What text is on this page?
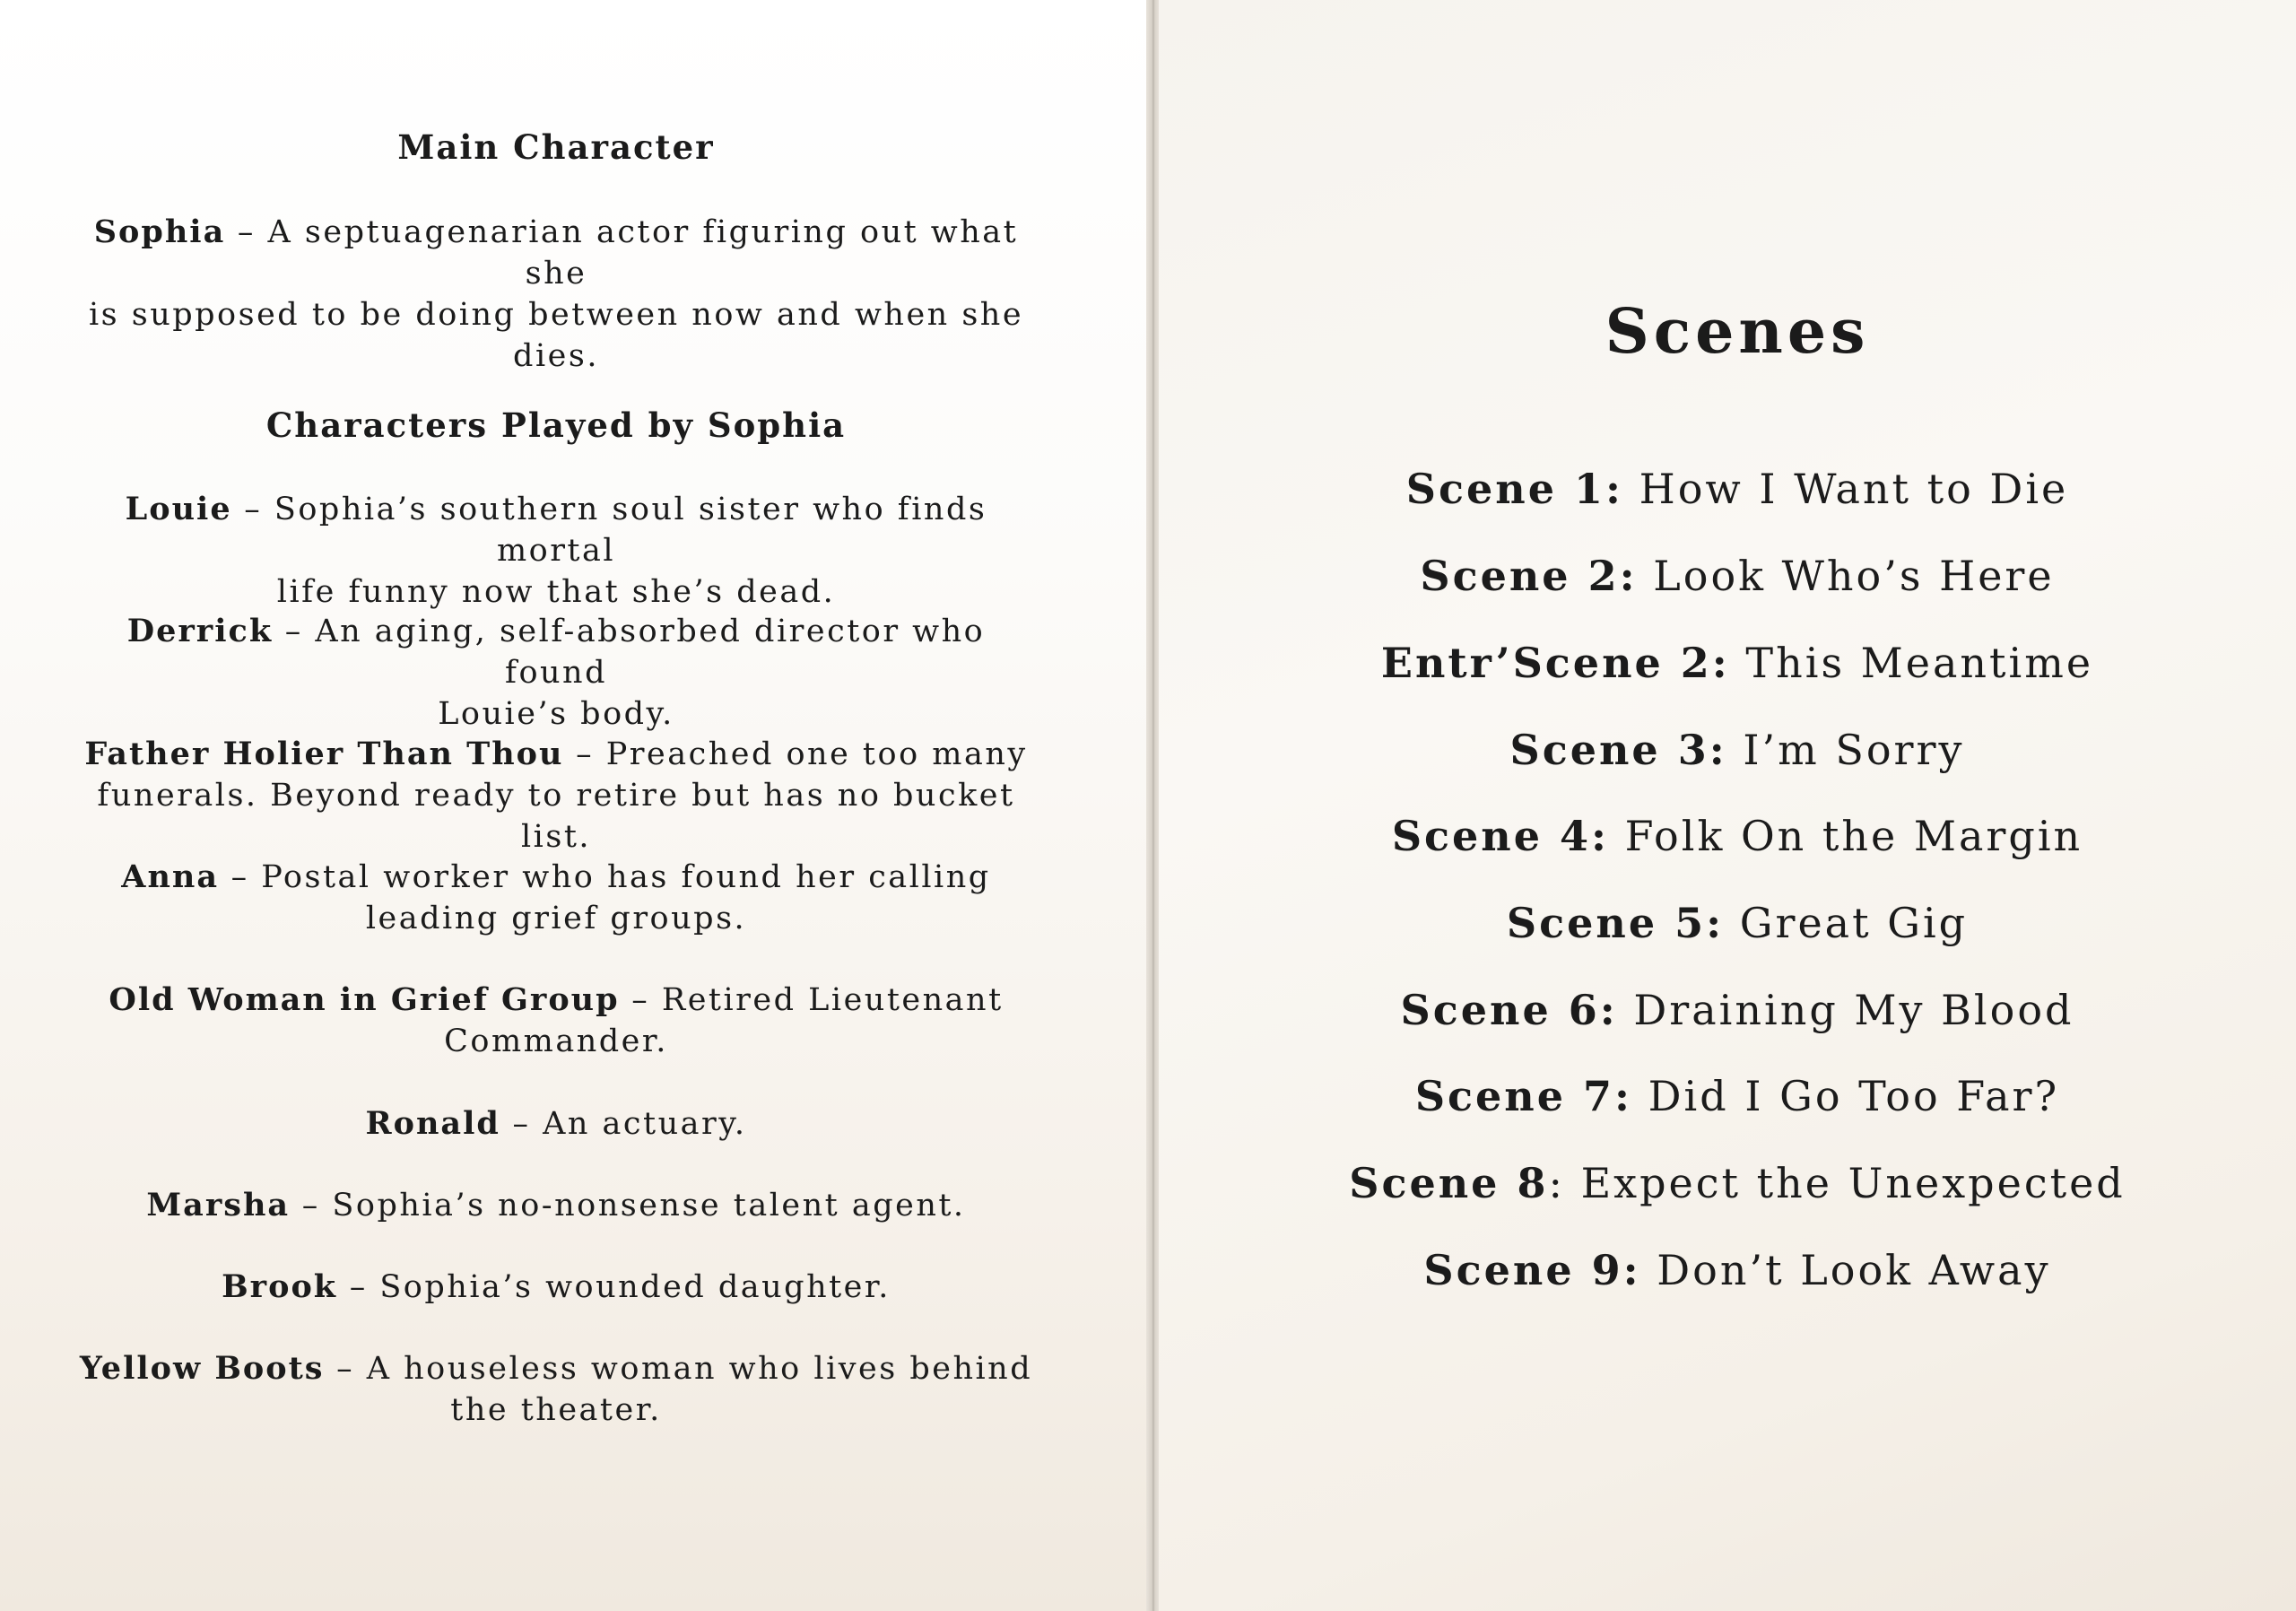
Main Character
Sophia – A septuagenarian actor figuring out what she
is supposed to be doing between now and when she
dies.
Characters Played by Sophia
Louie – Sophia’s southern soul sister who finds mortal
life funny now that she’s dead.
Derrick – An aging, self-absorbed director who found
Louie’s body.
Father Holier Than Thou – Preached one too many
funerals. Beyond ready to retire but has no bucket list.
Anna – Postal worker who has found her calling
leading grief groups.
Old Woman in Grief Group – Retired Lieutenant
Commander.
Ronald – An actuary.
Marsha – Sophia’s no-nonsense talent agent.
Brook – Sophia’s wounded daughter.
Yellow Boots – A houseless woman who lives behind
the theater.
Scenes
Scene 1: How I Want to Die
Scene 2: Look Who’s Here
Entr’Scene 2: This Meantime
Scene 3: I’m Sorry
Scene 4: Folk On the Margin
Scene 5: Great Gig
Scene 6: Draining My Blood
Scene 7: Did I Go Too Far?
Scene 8: Expect the Unexpected
Scene 9: Don’t Look Away
